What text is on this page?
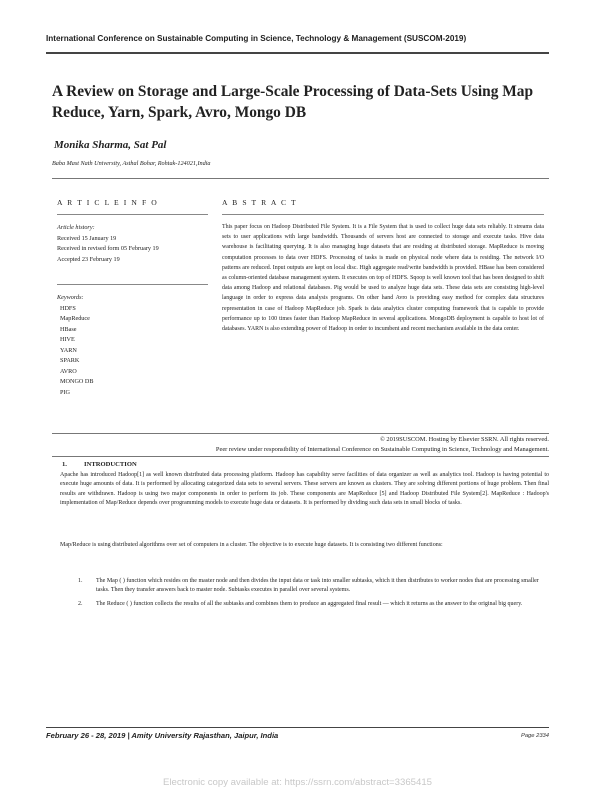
International Conference on Sustainable Computing in Science, Technology & Management (SUSCOM-2019)
A Review on Storage and Large-Scale Processing of Data-Sets Using Map Reduce, Yarn, Spark, Avro, Mongo DB
Monika Sharma, Sat Pal
Baba Mast Nath University, Asthal Bohar, Rohtak-124021,India
A R T I C L E I N F O	A B S T R A C T
Article history:
Received 15 January 19
Received in revised form 05 February 19
Accepted 23 February 19
Keywords:
HDFS
MapReduce
HBase
HIVE
YARN
SPARK
AVRO
MONGO DB
PIG

This paper focus on Hadoop Distributed File System. It is a File System that is used to collect huge data sets reliably. It streams data sets to user applications with large bandwidth. Thousands of servers host are connected to storage and execute tasks. Hive data warehouse is facilitating querying. It is also managing huge datasets that are residing at distributed storage. MapReduce is moving computation processes to data over HDFS. Processing of tasks is made on physical node where data is residing. The network I/O patterns are reduced. Input outputs are kept on local disc. High aggregate read/write bandwidth is provided. HBase has been considered as column-oriented database management system. It executes on top of HDFS. Sqoop is well known tool that has been designed to shift data among Hadoop and relational databases. Pig would be used to analyze huge data sets. These data sets are consisting high-level language in order to express data analysis programs. On other hand Avro is providing easy method for complex data structures representation in case of Hadoop MapReduce job. Spark is data analytics cluster computing framework that is capable to provide performance up to 100 times faster than Hadoop MapReduce in several applications. MongoDB deployment is capable to host lot of databases. YARN is also extending power of Hadoop in order to incumbent and recent mechanism available in the data center.

© 2019SUSCOM. Hosting by Elsevier SSRN. All rights reserved.
Peer review under responsibility of International Conference on Sustainable Computing in Science, Technology and Management.
1.	INTRODUCTION

Apache has introduced Hadoop[1] as well known distributed data processing platform. Hadoop has capability serve facilities of data organizer as well as analytics tool. Hadoop is having potential to execute huge amounts of data. It is performed by allocating categorized data sets to several servers. These servers are known as clusters. They are solving different portions of huge problem. Then final results are withdrawn. Hadoop is using two major components in order to perform its job. These components are MapReduce [5] and Hadoop Distributed File System[2]. MapReduce : Hadoop's implementation of Map/Reduce depends over programming models to execute huge data or datasets. It is performed by dividing such data sets in small blocks of tasks.

Map/Reduce is using distributed algorithms over set of computers in a cluster. The objective is to execute huge datasets. It is consisting two different functions:

1. The Map ( ) function which resides on the master node and then divides the input data or task into smaller subtasks, which it then distributes to worker nodes that are processing smaller tasks. Then they transfer answers back to master node. Subtasks executes in parallel over several systems.
2. The Reduce ( ) function collects the results of all the subtasks and combines them to produce an aggregated final result — which it returns as the answer to the original big query.
February 26 - 28, 2019 | Amity University Rajasthan, Jaipur, India	Page 2334
Electronic copy available at: https://ssrn.com/abstract=3365415
